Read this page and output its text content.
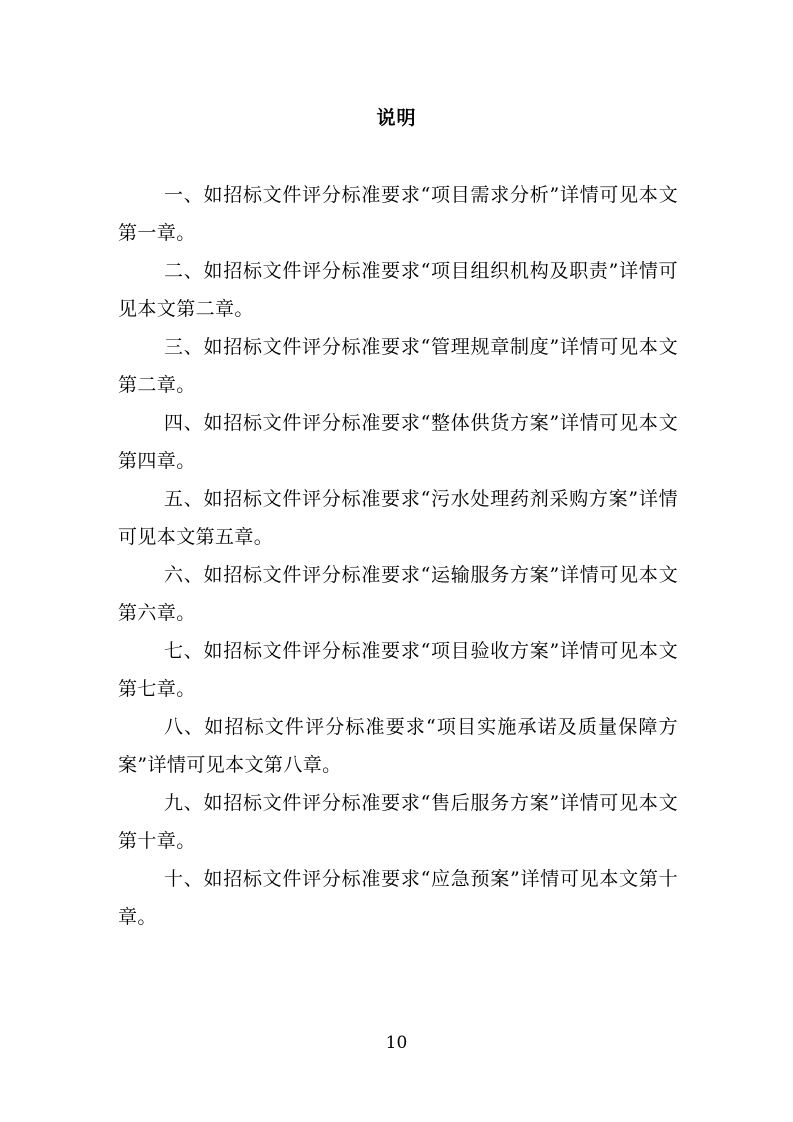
说明

一、如招标文件评分标准要求“项目需求分析”详情可见本文第一章。

二、如招标文件评分标准要求“项目组织机构及职责”详情可见本文第二章。

三、如招标文件评分标准要求“管理规章制度”详情可见本文第二章。

四、如招标文件评分标准要求“整体供货方案”详情可见本文第四章。

五、如招标文件评分标准要求“污水处理药剂采购方案”详情可见本文第五章。

六、如招标文件评分标准要求“运输服务方案”详情可见本文第六章。

七、如招标文件评分标准要求“项目验收方案”详情可见本文第七章。

八、如招标文件评分标准要求“项目实施承诺及质量保障方案”详情可见本文第八章。

九、如招标文件评分标准要求“售后服务方案”详情可见本文第十章。

十、如招标文件评分标准要求“应急预案”详情可见本文第十章。

10
